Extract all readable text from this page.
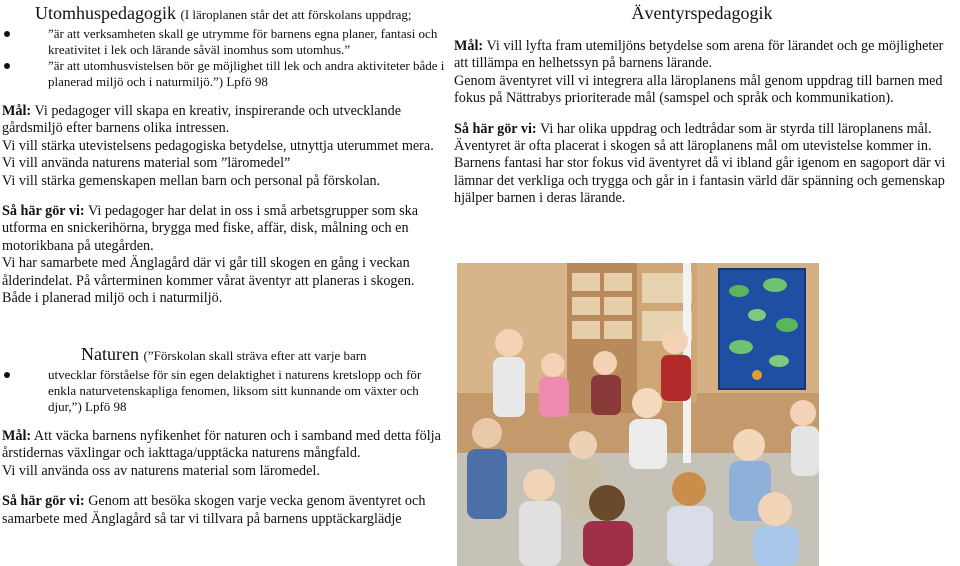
Utomhuspedagogik (I läroplanen står det att förskolans uppdrag;
”är att verksamheten skall ge utrymme för barnens egna planer, fantasi och kreativitet i lek och lärande såväl inomhus som utomhus.”
”är att utomhusvistelsen bör ge möjlighet till lek och andra aktiviteter både i planerad miljö och i naturmiljö.”) Lpfö 98
Mål: Vi pedagoger vill skapa en kreativ, inspirerande och utvecklande gårdsmiljö efter barnens olika intressen.
Vi vill stärka utevistelsens pedagogiska betydelse, utnyttja uterummet mera. Vi vill använda naturens material som ”läromedel”
Vi vill stärka gemenskapen mellan barn och personal på förskolan.
Så här gör vi: Vi pedagoger har delat in oss i små arbetsgrupper som ska utforma en snickerihörna, brygga med fiske, affär, disk, målning och en motorikbana på utegården.
Vi har samarbete med Änglagård där vi går till skogen en gång i veckan ålderindelat. På vårterminen kommer vårat äventyr att planeras i skogen. Både i planerad miljö och i naturmiljö.
Naturen (”Förskolan skall sträva efter att varje barn
utvecklar förståelse för sin egen delaktighet i naturens kretslopp och för enkla naturvetenskapliga fenomen, liksom sitt kunnande om växter och djur,”) Lpfö 98
Mål: Att väcka barnens nyfikenhet för naturen och i samband med detta följa årstidernas växlingar och iakttaga/upptäcka naturens mångfald.
Vi vill använda oss av naturens material som läromedel.
Så här gör vi: Genom att besöka skogen varje vecka genom äventyret och samarbete med Änglagård så tar vi tillvara på barnens upptäckarglädje
Äventyrspedagogik
Mål: Vi vill lyfta fram utemiljöns betydelse som arena för lärandet och ge möjligheter att tillämpa en helhetssyn på barnens lärande.
Genom äventyret vill vi integrera alla läroplanens mål genom uppdrag till barnen med fokus på Nättrabys prioriterade mål (samspel och språk och kommunikation).
Så här gör vi: Vi har olika uppdrag och ledtrådar som är styrda till läroplanens mål.
Äventyret är ofta placerat i skogen så att läroplanens mål om utevistelse kommer in.
Barnens fantasi har stor fokus vid äventyret då vi ibland går igenom en sagoport där vi lämnar det verkliga och trygga och går in i fantasin värld där spänning och gemenskap hjälper barnen i deras lärande.
